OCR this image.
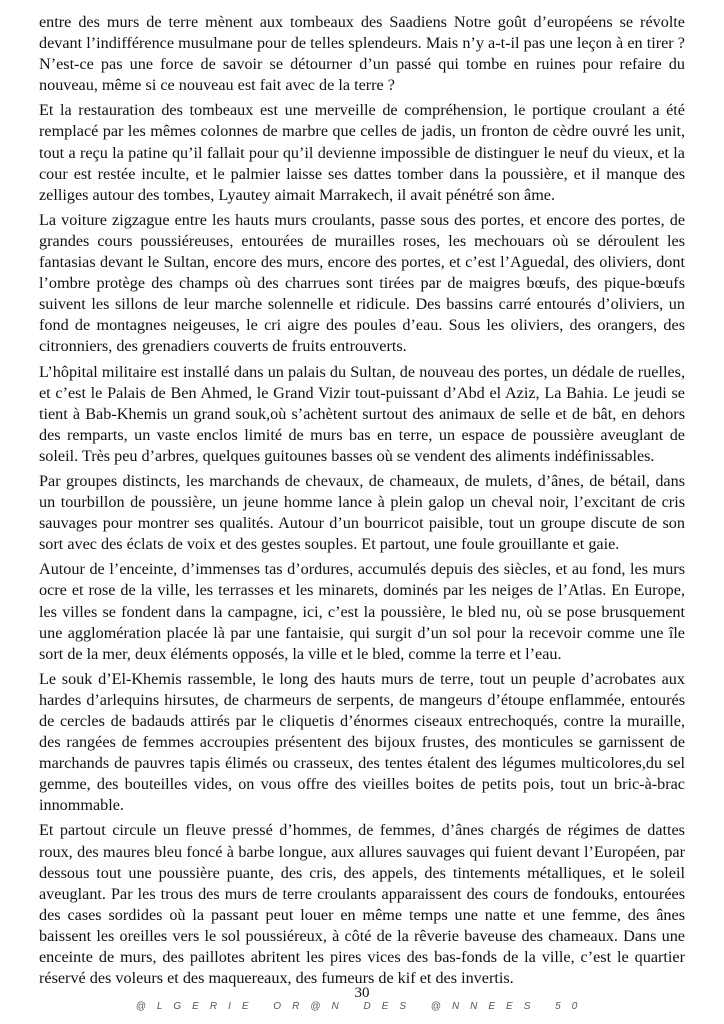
entre des murs de terre mènent aux tombeaux des Saadiens Notre goût d’européens se révolte devant l’indifférence musulmane pour de telles splendeurs. Mais n’y a-t-il pas une leçon à en tirer ? N’est-ce pas une force de savoir se détourner d’un passé qui tombe en ruines pour refaire du nouveau, même si ce nouveau est fait avec de la terre ?

Et la restauration des tombeaux est une merveille de compréhension, le portique croulant a été remplacé par les mêmes colonnes de marbre que celles de jadis, un fronton de cèdre ouvré les unit, tout a reçu la patine qu’il fallait pour qu’il devienne impossible de distinguer le neuf du vieux, et la cour est restée inculte, et le palmier laisse ses dattes tomber dans la poussière, et il manque des zelliges autour des tombes, Lyautey aimait Marrakech, il avait pénétré son âme.

La voiture zigzague entre les hauts murs croulants, passe sous des portes, et encore des portes, de grandes cours poussiéreuses, entourées de murailles roses, les mechouars où se déroulent les fantasias devant le Sultan, encore des murs, encore des portes, et c’est l’Aguedal, des oliviers, dont l’ombre protège des champs où des charrues sont tirées par de maigres bœufs, des pique-bœufs suivent les sillons de leur marche solennelle et ridicule. Des bassins carré entourés d’oliviers, un fond de montagnes neigeuses, le cri aigre des poules d’eau. Sous les oliviers, des orangers, des citronniers, des grenadiers couverts de fruits entrouverts.

L’hôpital militaire est installé dans un palais du Sultan, de nouveau des portes, un dédale de ruelles, et c’est le Palais de Ben Ahmed, le Grand Vizir tout-puissant d’Abd el Aziz, La Bahia. Le jeudi se tient à Bab-Khemis un grand souk,où s’achètent surtout des animaux de selle et de bât, en dehors des remparts, un vaste enclos limité de murs bas en terre, un espace de poussière aveuglant de soleil. Très peu d’arbres, quelques guitounes basses où se vendent des aliments indéfinissables.

Par groupes distincts, les marchands de chevaux, de chameaux, de mulets, d’ânes, de bétail, dans un tourbillon de poussière, un jeune homme lance à plein galop un cheval noir, l’excitant de cris sauvages pour montrer ses qualités. Autour d’un bourricot paisible, tout un groupe discute de son sort avec des éclats de voix et des gestes souples. Et partout, une foule grouillante et gaie.

Autour de l’enceinte, d’immenses tas d’ordures, accumulés depuis des siècles, et au fond, les murs ocre et rose de la ville, les terrasses et les minarets, dominés par les neiges de l’Atlas. En Europe, les villes se fondent dans la campagne, ici, c’est la poussière, le bled nu, où se pose brusquement une agglomération placée là par une fantaisie, qui surgit d’un sol pour la recevoir comme une île sort de la mer, deux éléments opposés, la ville et le bled, comme la terre et l’eau.

Le souk d’El-Khemis rassemble, le long des hauts murs de terre, tout un peuple d’acrobates aux hardes d’arlequins hirsutes, de charmeurs de serpents, de mangeurs d’étoupe enflammée, entourés de cercles de badauds attirés par le cliquetis d’énormes ciseaux entrechoqués, contre la muraille, des rangées de femmes accroupies présentent des bijoux frustes, des monticules se garnissent de marchands de pauvres tapis élimés ou crasseux, des tentes étalent des légumes multicolores,du sel gemme, des bouteilles vides, on vous offre des vieilles boites de petits pois, tout un bric-à-brac innommable.

Et partout circule un fleuve pressé d’hommes, de femmes, d’ânes chargés de régimes de dattes roux, des maures bleu foncé à barbe longue, aux allures sauvages qui fuient devant l’Européen, par dessous tout une poussière puante, des cris, des appels, des tintements métalliques, et le soleil aveuglant. Par les trous des murs de terre croulants apparaissent des cours de fondouks, entourées des cases sordides où la passant peut louer en même temps une natte et une femme, des ânes baissent les oreilles vers le sol poussiéreux, à côté de la rêverie baveuse des chameaux. Dans une enceinte de murs, des paillotes abritent les pires vices des bas-fonds de la ville, c’est le quartier réservé des voleurs et des maquereaux, des fumeurs de kif et des invertis.

30
@LGERIE OR@N DES @NNEES 50
